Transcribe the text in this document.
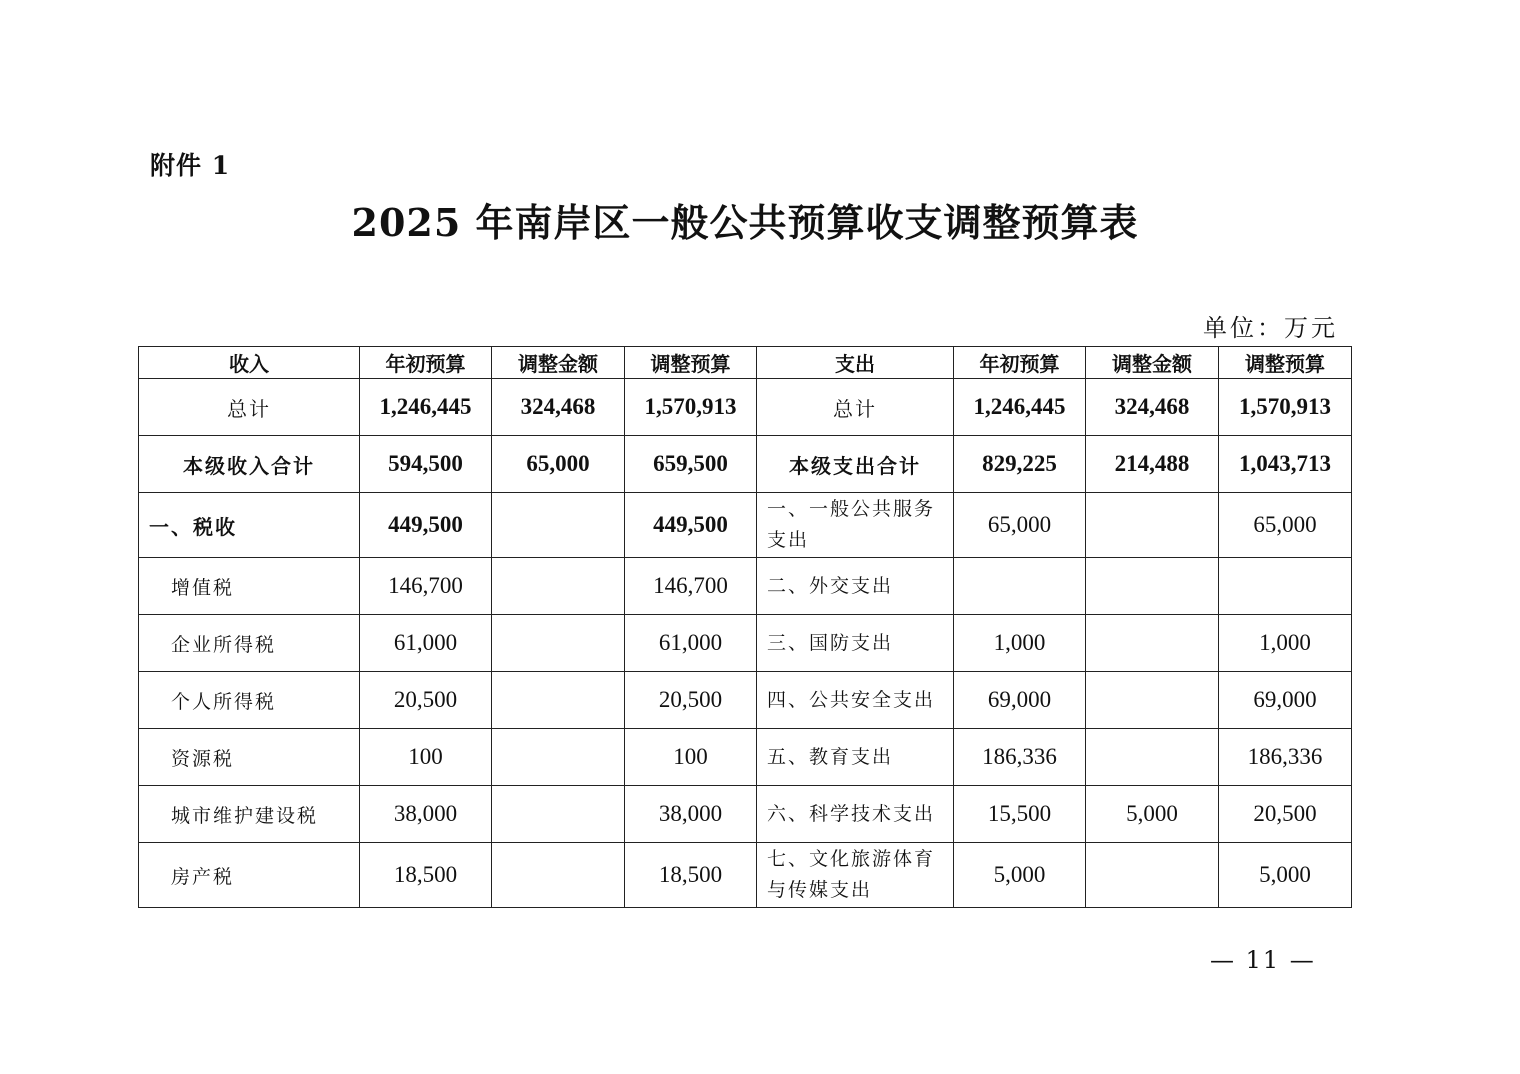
附件 1
2025 年南岸区一般公共预算收支调整预算表
单位：万元
收入	年初预算	调整金额	调整预算	支出	年初预算	调整金额	调整预算
总计	1,246,445	324,468	1,570,913	总计	1,246,445	324,468	1,570,913
本级收入合计	594,500	65,000	659,500	本级支出合计	829,225	214,488	1,043,713
一、税收	449,500		449,500	一、一般公共服务支出	65,000		65,000
增值税	146,700		146,700	二、外交支出			
企业所得税	61,000		61,000	三、国防支出	1,000		1,000
个人所得税	20,500		20,500	四、公共安全支出	69,000		69,000
资源税	100		100	五、教育支出	186,336		186,336
城市维护建设税	38,000		38,000	六、科学技术支出	15,500	5,000	20,500
房产税	18,500		18,500	七、文化旅游体育与传媒支出	5,000		5,000
— 11 —
